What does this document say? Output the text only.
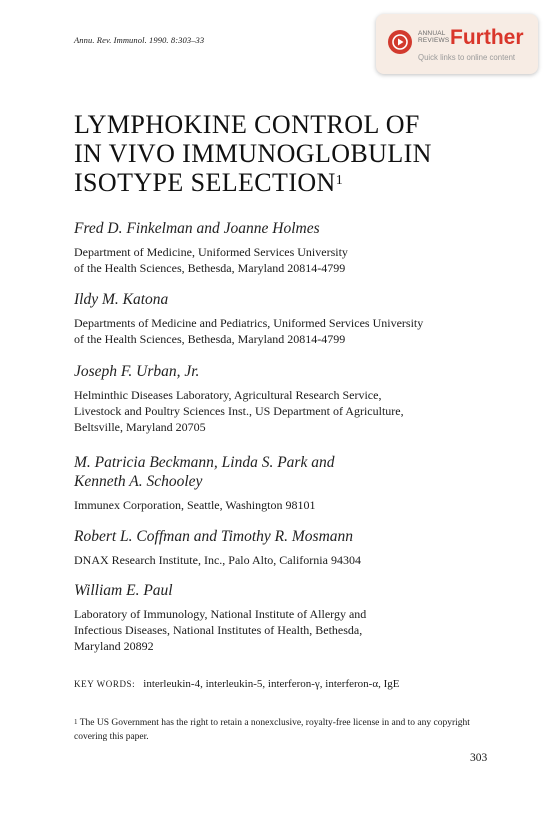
Annu. Rev. Immunol. 1990. 8:303–33
ANNUAL
REVIEWS Further
Quick links to online content
LYMPHOKINE CONTROL OF
IN VIVO IMMUNOGLOBULIN
ISOTYPE SELECTION$^1$
Fred D. Finkelman and Joanne Holmes
Department of Medicine, Uniformed Services University
of the Health Sciences, Bethesda, Maryland 20814-4799
Ildy M. Katona
Departments of Medicine and Pediatrics, Uniformed Services University
of the Health Sciences, Bethesda, Maryland 20814-4799
Joseph F. Urban, Jr.
Helminthic Diseases Laboratory, Agricultural Research Service,
Livestock and Poultry Sciences Inst., US Department of Agriculture,
Beltsville, Maryland 20705
M. Patricia Beckmann, Linda S. Park and
Kenneth A. Schooley
Immunex Corporation, Seattle, Washington 98101
Robert L. Coffman and Timothy R. Mosmann
DNAX Research Institute, Inc., Palo Alto, California 94304
William E. Paul
Laboratory of Immunology, National Institute of Allergy and
Infectious Diseases, National Institutes of Health, Bethesda,
Maryland 20892
KEY WORDS: interleukin-4, interleukin-5, interferon-γ, interferon-α, IgE
$^1$ The US Government has the right to retain a nonexclusive, royalty-free license in and to any copyright covering this paper.
303
